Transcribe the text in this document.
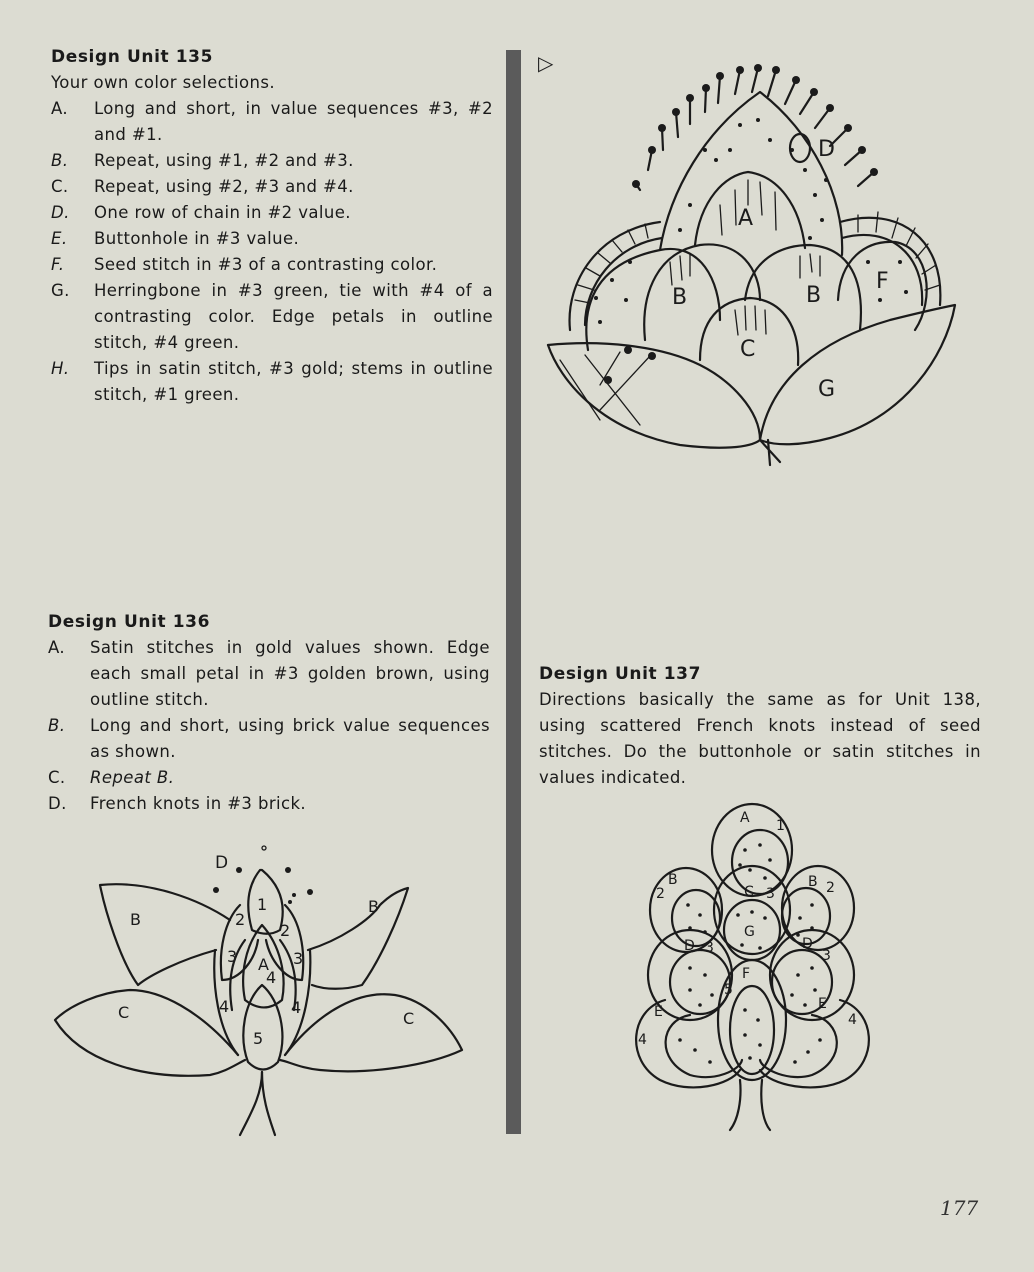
Design Unit 135
Your own color selections.
A. Long and short, in value sequences #3, #2 and #1.
B. Repeat, using #1, #2 and #3.
C. Repeat, using #2, #3 and #4.
D. One row of chain in #2 value.
E. Buttonhole in #3 value.
F. Seed stitch in #3 of a contrasting color.
G. Herringbone in #3 green, tie with #4 of a contrasting color. Edge petals in outline stitch, #4 green.
H. Tips in satin stitch, #3 gold; stems in outline stitch, #1 green.
Design Unit 136
A. Satin stitches in gold values shown. Edge each small petal in #3 golden brown, using outline stitch.
B. Long and short, using brick value sequences as shown.
C. Repeat B.
D. French knots in #3 brick.
Design Unit 137
Directions basically the same as for Unit 138, using scattered French knots instead of seed stitches. Do the buttonhole or satin stitches in values indicated.
▷
A
B	B
C
D
F
G
D
1
2
2
3	3
A
4
4	4
5
B
B
C	C
A 1
B
2	C 3
B 2
G
D 3	D
3
E
4
F
5
E
4
177
